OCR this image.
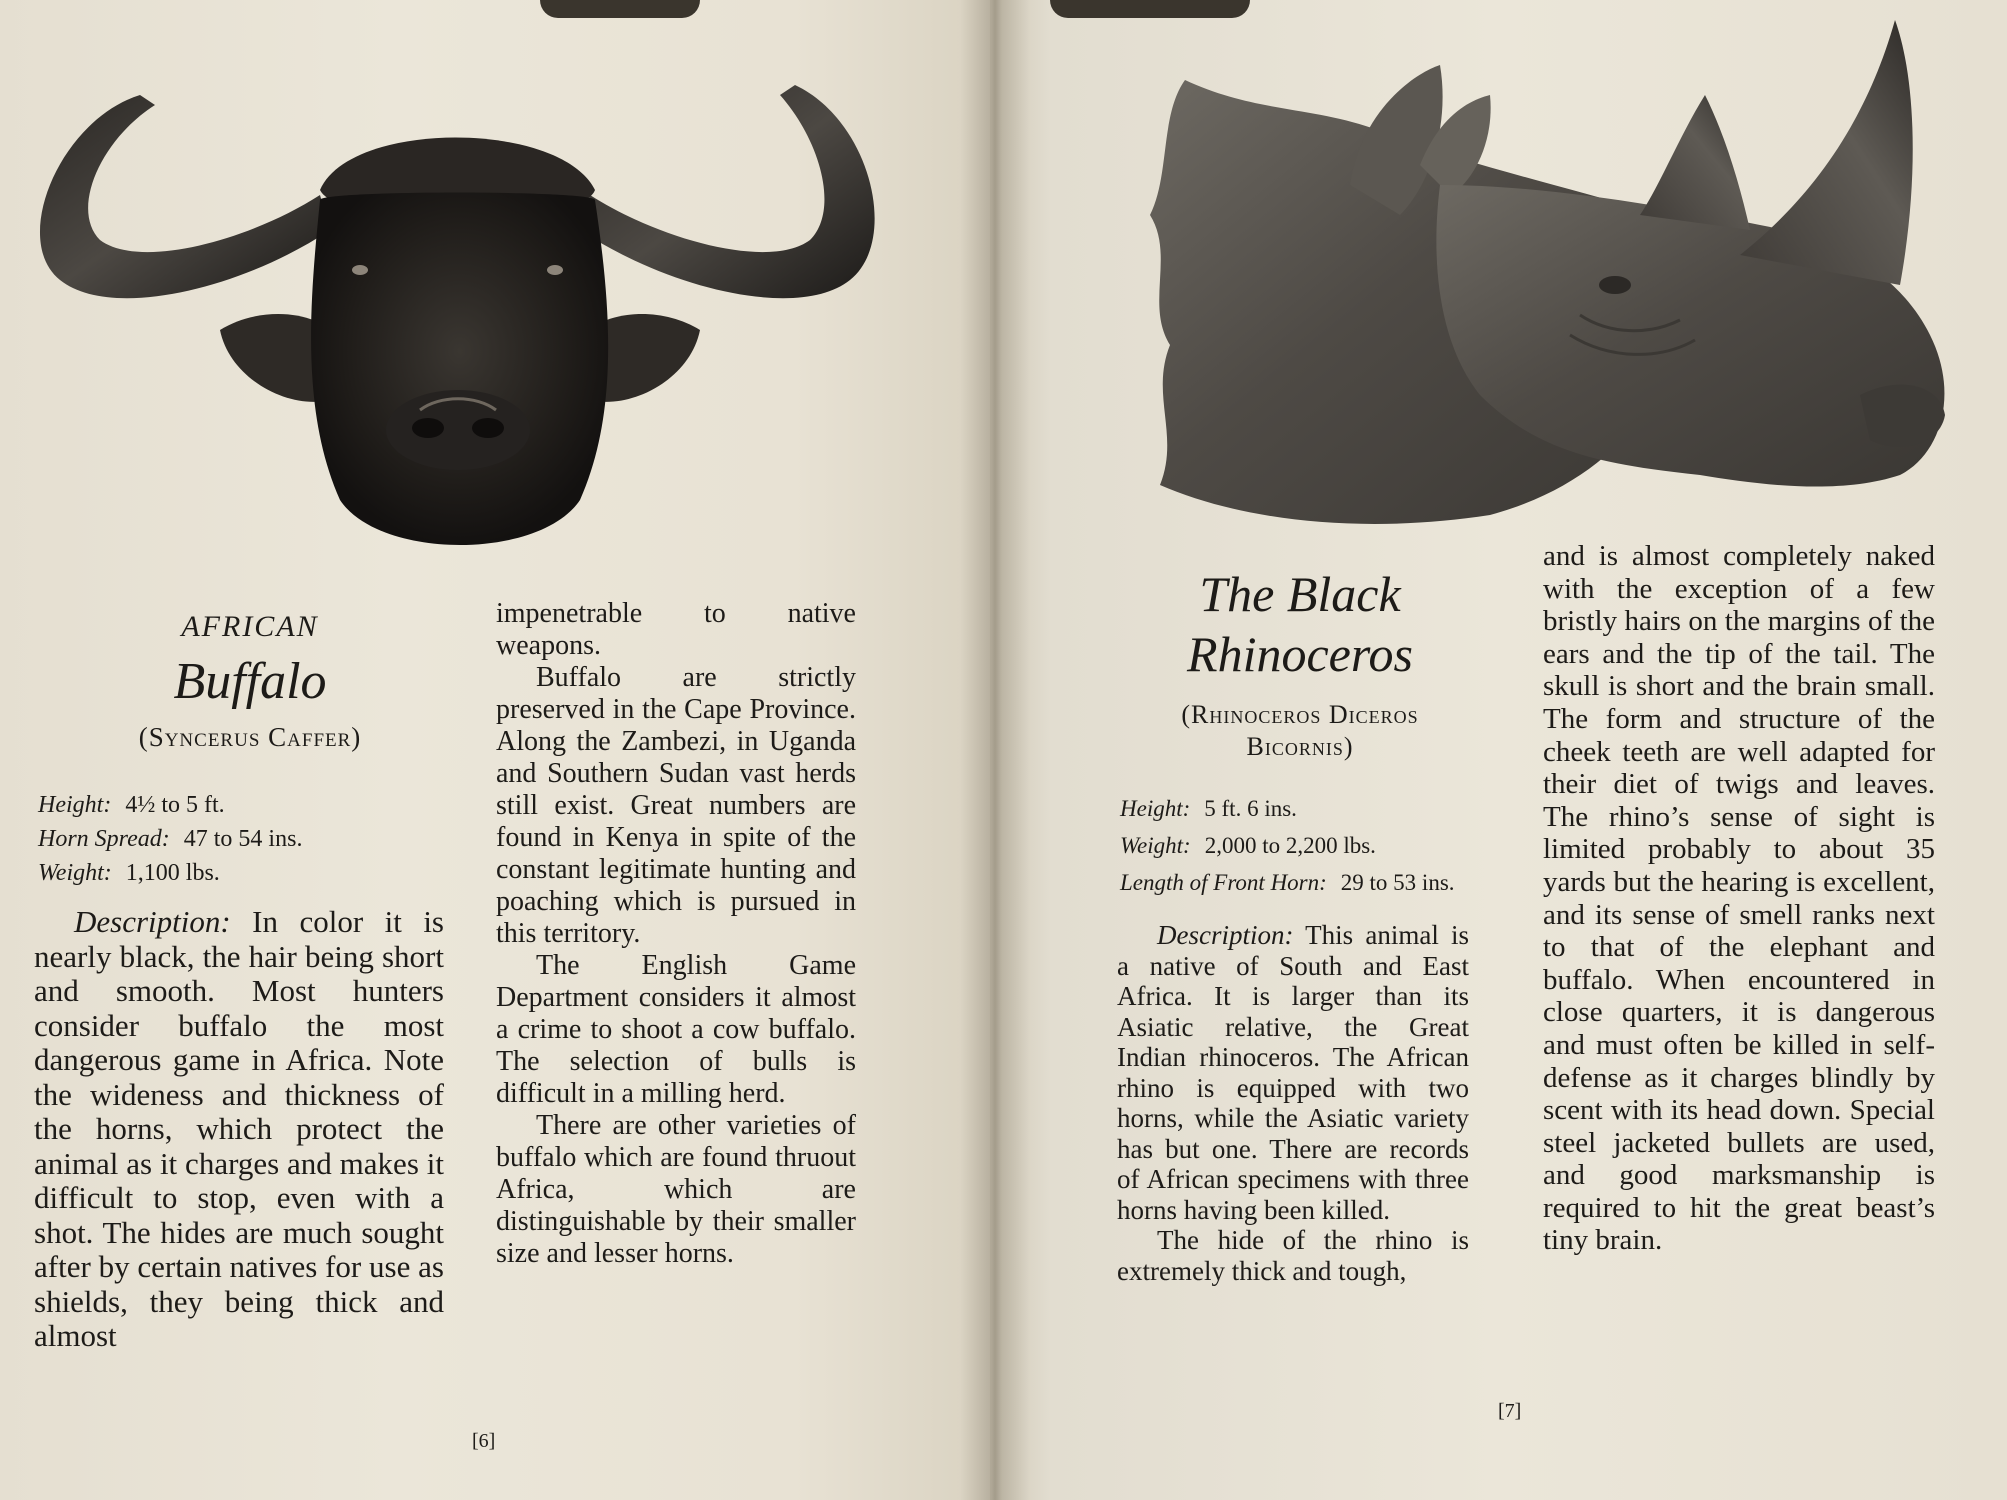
AFRICAN
Buffalo
(Syncerus Caffer)
Height: 4½ to 5 ft.
Horn Spread: 47 to 54 ins.
Weight: 1,100 lbs.

Description: In color it is nearly black, the hair being short and smooth. Most hunters consider buffalo the most dangerous game in Africa. Note the wideness and thickness of the horns, which protect the animal as it charges and makes it difficult to stop, even with a shot. The hides are much sought after by certain natives for use as shields, they being thick and almost

impenetrable to native weapons.

Buffalo are strictly preserved in the Cape Province. Along the Zambezi, in Uganda and Southern Sudan vast herds still exist. Great numbers are found in Kenya in spite of the constant legitimate hunting and poaching which is pursued in this territory.

The English Game Department considers it almost a crime to shoot a cow buffalo. The selection of bulls is difficult in a milling herd.

There are other varieties of buffalo which are found thruout Africa, which are distinguishable by their smaller size and lesser horns.

[6]
The Black
Rhinoceros
(Rhinoceros Diceros
Bicornis)
Height: 5 ft. 6 ins.
Weight: 2,000 to 2,200 lbs.
Length of Front Horn: 29 to 53 ins.

Description: This animal is a native of South and East Africa. It is larger than its Asiatic relative, the Great Indian rhinoceros. The African rhino is equipped with two horns, while the Asiatic variety has but one. There are records of African specimens with three horns having been killed.

The hide of the rhino is extremely thick and tough,

and is almost completely naked with the exception of a few bristly hairs on the margins of the ears and the tip of the tail. The skull is short and the brain small. The form and structure of the cheek teeth are well adapted for their diet of twigs and leaves. The rhino’s sense of sight is limited probably to about 35 yards but the hearing is excellent, and its sense of smell ranks next to that of the elephant and buffalo. When encountered in close quarters, it is dangerous and must often be killed in self-defense as it charges blindly by scent with its head down. Special steel jacketed bullets are used, and good marksmanship is required to hit the great beast’s tiny brain.

[7]
